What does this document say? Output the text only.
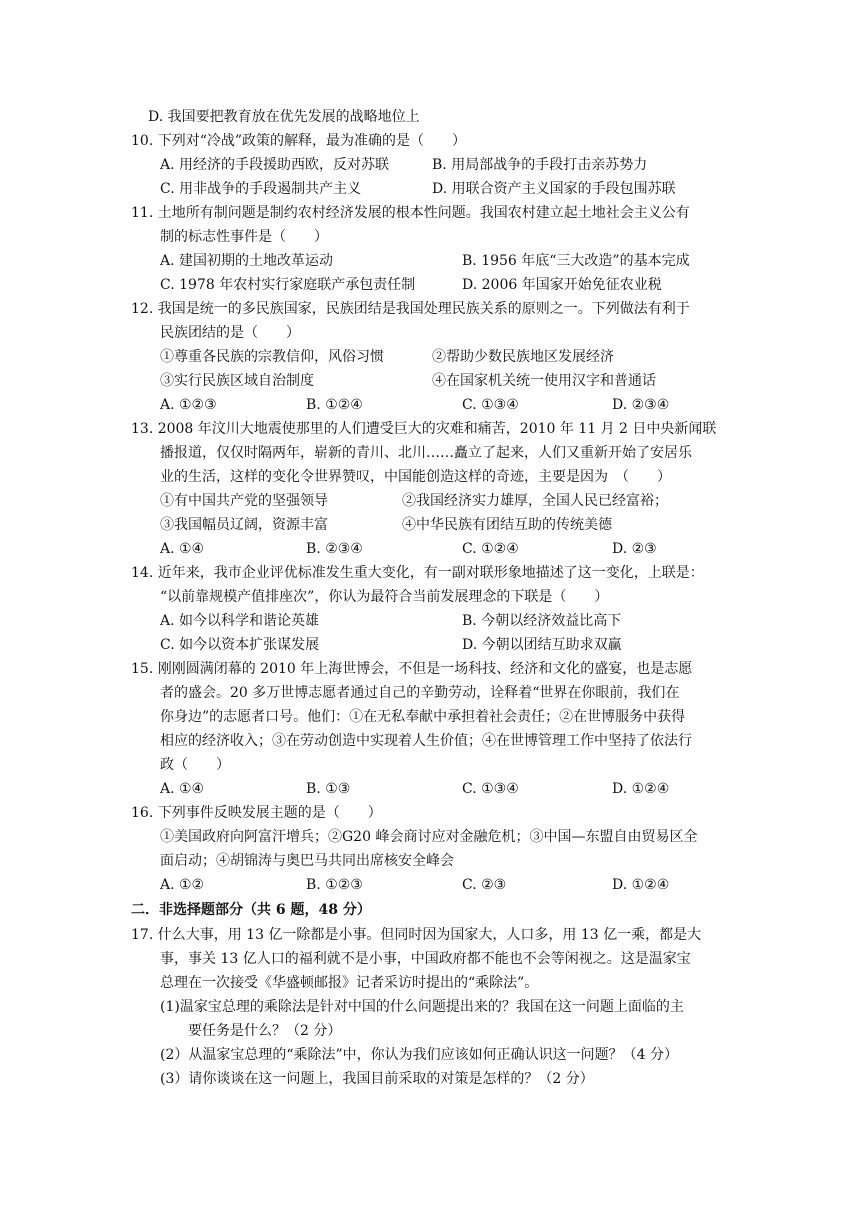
D. 我国要把教育放在优先发展的战略地位上
10. 下列对“冷战”政策的解释，最为准确的是（　　）
A. 用经济的手段援助西欧，反对苏联	B. 用局部战争的手段打击亲苏势力
C. 用非战争的手段遏制共产主义	D. 用联合资产主义国家的手段包围苏联
11. 土地所有制问题是制约农村经济发展的根本性问题。我国农村建立起土地社会主义公有
制的标志性事件是（　　）
A. 建国初期的土地改革运动	B. 1956 年底“三大改造”的基本完成
C. 1978 年农村实行家庭联产承包责任制	D. 2006 年国家开始免征农业税
12. 我国是统一的多民族国家，民族团结是我国处理民族关系的原则之一。下列做法有利于
民族团结的是（　　）
①尊重各民族的宗教信仰，风俗习惯	②帮助少数民族地区发展经济
③实行民族区域自治制度	④在国家机关统一使用汉字和普通话
A. ①②③	B. ①②④	C. ①③④	D. ②③④
13. 2008 年汶川大地震使那里的人们遭受巨大的灾难和痛苦，2010 年 11 月 2 日中央新闻联
播报道，仅仅时隔两年，崭新的青川、北川……矗立了起来，人们又重新开始了安居乐
业的生活，这样的变化令世界赞叹，中国能创造这样的奇迹，主要是因为　（　　）
①有中国共产党的坚强领导	②我国经济实力雄厚，全国人民已经富裕；
③我国幅员辽阔，资源丰富	④中华民族有团结互助的传统美德
A. ①④	B. ②③④	C. ①②④	D. ②③
14. 近年来，我市企业评优标准发生重大变化，有一副对联形象地描述了这一变化，上联是：
“以前靠规模产值排座次”，你认为最符合当前发展理念的下联是（　　）
A. 如今以科学和谐论英雄	B. 今朝以经济效益比高下
C. 如今以资本扩张谋发展	D. 今朝以团结互助求双赢
15. 刚刚圆满闭幕的 2010 年上海世博会，不但是一场科技、经济和文化的盛宴，也是志愿
者的盛会。20 多万世博志愿者通过自己的辛勤劳动，诠释着“世界在你眼前，我们在
你身边”的志愿者口号。他们：①在无私奉献中承担着社会责任；②在世博服务中获得
相应的经济收入；③在劳动创造中实现着人生价值；④在世博管理工作中坚持了依法行
政（　　）
A. ①④	B. ①③	C. ①③④	D. ①②④
16. 下列事件反映发展主题的是（　　）
①美国政府向阿富汗增兵；②G20 峰会商讨应对金融危机；③中国—东盟自由贸易区全
面启动；④胡锦涛与奥巴马共同出席核安全峰会
A. ①②	B. ①②③	C. ②③	D. ①②④
二．非选择题部分（共 6 题，48 分）
17. 什么大事，用 13 亿一除都是小事。但同时因为国家大，人口多，用 13 亿一乘，都是大
事，事关 13 亿人口的福利就不是小事，中国政府都不能也不会等闲视之。这是温家宝
总理在一次接受《华盛顿邮报》记者采访时提出的“乘除法”。
(1)温家宝总理的乘除法是针对中国的什么问题提出来的？我国在这一问题上面临的主
要任务是什么？（2 分）
(2）从温家宝总理的“乘除法”中，你认为我们应该如何正确认识这一问题？（4 分）
(3）请你谈谈在这一问题上，我国目前采取的对策是怎样的？（2 分）
